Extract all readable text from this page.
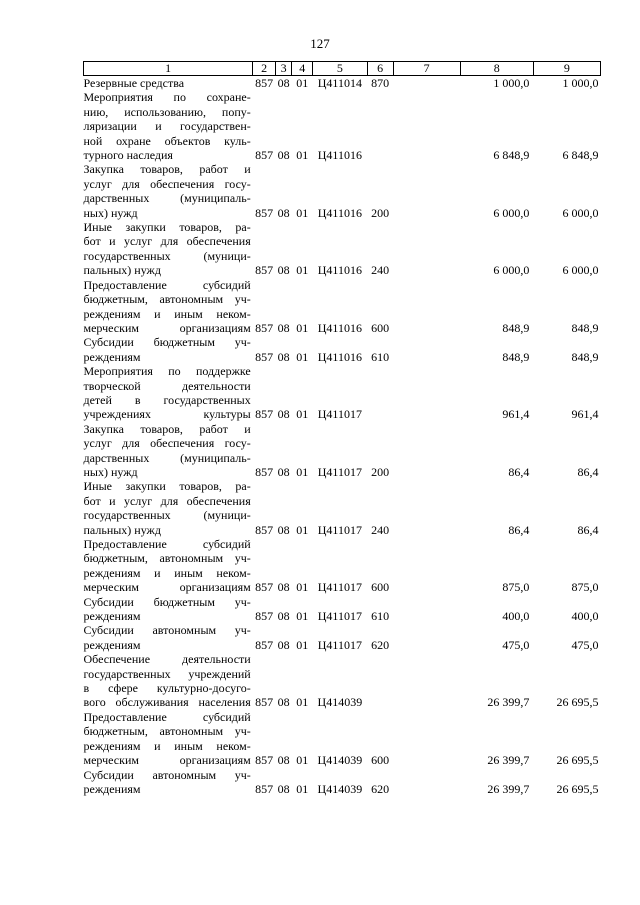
127
1	2	3	4	5	6	7	8	9
Резервные средства	857	08	01	Ц411014	870		1 000,0	1 000,0

Мероприятия по сохране-
нию, использованию, попу-
ляризации и государствен-
ной охране объектов куль-
турного наследия	857	08	01	Ц411016			6 848,9	6 848,9

Закупка товаров, работ и
услуг для обеспечения госу-
дарственных (муниципаль-
ных) нужд	857	08	01	Ц411016	200		6 000,0	6 000,0

Иные закупки товаров, ра-
бот и услуг для обеспечения
государственных (муници-
пальных) нужд	857	08	01	Ц411016	240		6 000,0	6 000,0

Предоставление субсидий
бюджетным, автономным уч-
реждениям и иным неком-
мерческим организациям	857	08	01	Ц411016	600		848,9	848,9

Субсидии бюджетным уч-
реждениям	857	08	01	Ц411016	610		848,9	848,9

Мероприятия по поддержке
творческой деятельности
детей в государственных
учреждениях культуры	857	08	01	Ц411017			961,4	961,4

Закупка товаров, работ и
услуг для обеспечения госу-
дарственных (муниципаль-
ных) нужд	857	08	01	Ц411017	200		86,4	86,4

Иные закупки товаров, ра-
бот и услуг для обеспечения
государственных (муници-
пальных) нужд	857	08	01	Ц411017	240		86,4	86,4

Предоставление субсидий
бюджетным, автономным уч-
реждениям и иным неком-
мерческим организациям	857	08	01	Ц411017	600		875,0	875,0

Субсидии бюджетным уч-
реждениям	857	08	01	Ц411017	610		400,0	400,0

Субсидии автономным уч-
реждениям	857	08	01	Ц411017	620		475,0	475,0

Обеспечение деятельности
государственных учреждений
в сфере культурно-досуго-
вого обслуживания населения	857	08	01	Ц414039			26 399,7	26 695,5

Предоставление субсидий
бюджетным, автономным уч-
реждениям и иным неком-
мерческим организациям	857	08	01	Ц414039	600		26 399,7	26 695,5

Субсидии автономным уч-
реждениям	857	08	01	Ц414039	620		26 399,7	26 695,5
